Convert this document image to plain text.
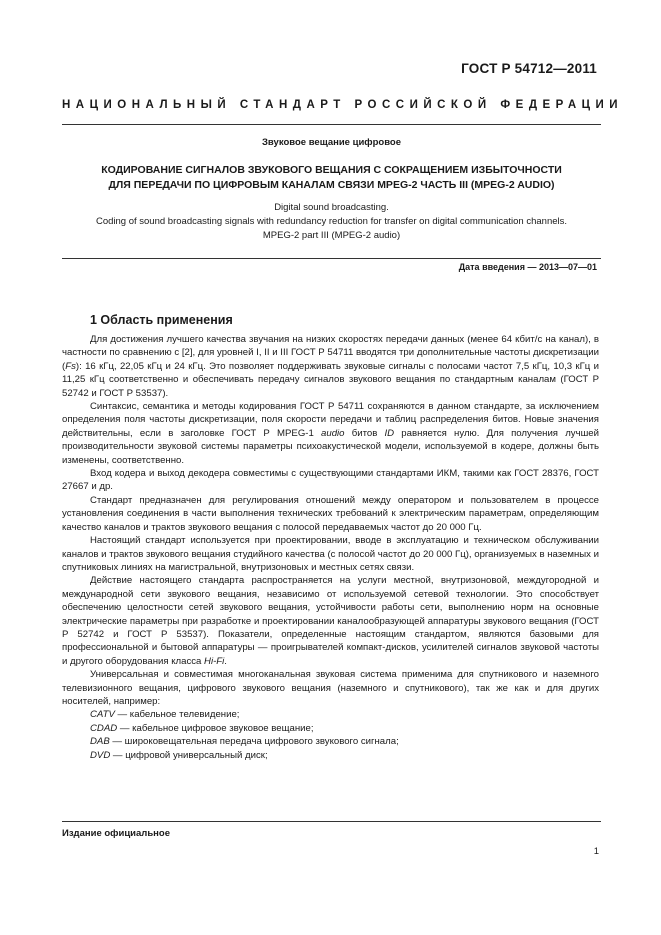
ГОСТ Р 54712—2011
НАЦИОНАЛЬНЫЙ СТАНДАРТ РОССИЙСКОЙ ФЕДЕРАЦИИ
Звуковое вещание цифровое
КОДИРОВАНИЕ СИГНАЛОВ ЗВУКОВОГО ВЕЩАНИЯ С СОКРАЩЕНИЕМ ИЗБЫТОЧНОСТИ
ДЛЯ ПЕРЕДАЧИ ПО ЦИФРОВЫМ КАНАЛАМ СВЯЗИ MPEG-2 ЧАСТЬ III (MPEG-2 AUDIO)
Digital sound broadcasting.
Coding of sound broadcasting signals with redundancy reduction for transfer on digital communication channels.
MPEG-2 part III (MPEG-2 audio)
Дата введения — 2013—07—01
1 Область применения

Для достижения лучшего качества звучания на низких скоростях передачи данных (менее 64 кбит/с на канал), в частности по сравнению с [2], для уровней I, II и III ГОСТ Р 54711 вводятся три дополнительные частоты дискретизации (Fs): 16 кГц, 22,05 кГц и 24 кГц. Это позволяет поддерживать звуковые сигналы с полосами частот 7,5 кГц, 10,3 кГц и 11,25 кГц соответственно и обеспечивать передачу сигналов звукового вещания по стандартным каналам (ГОСТ Р 52742 и ГОСТ Р 53537).

Синтаксис, семантика и методы кодирования ГОСТ Р 54711 сохраняются в данном стандарте, за исключением определения поля частоты дискретизации, поля скорости передачи и таблиц распределения битов. Новые значения действительны, если в заголовке ГОСТ Р MPEG-1 audio битов ID равняется нулю. Для получения лучшей производительности звуковой системы параметры психоакустической модели, используемой в кодере, должны быть изменены, соответственно.

Вход кодера и выход декодера совместимы с существующими стандартами ИКМ, такими как ГОСТ 28376, ГОСТ 27667 и др.

Стандарт предназначен для регулирования отношений между оператором и пользователем в процессе установления соединения в части выполнения технических требований к электрическим параметрам, определяющим качество каналов и трактов звукового вещания с полосой передаваемых частот до 20 000 Гц.

Настоящий стандарт используется при проектировании, вводе в эксплуатацию и техническом обслуживании каналов и трактов звукового вещания студийного качества (с полосой частот до 20 000 Гц), организуемых в наземных и спутниковых линиях на магистральной, внутризоновых и местных сетях связи.

Действие настоящего стандарта распространяется на услуги местной, внутризоновой, междугородной и международной сети звукового вещания, независимо от используемой сетевой технологии. Это способствует обеспечению целостности сетей звукового вещания, устойчивости работы сети, выполнению норм на основные электрические параметры при разработке и проектировании каналообразующей аппаратуры звукового вещания (ГОСТ Р 52742 и ГОСТ Р 53537). Показатели, определенные настоящим стандартом, являются базовыми для профессиональной и бытовой аппаратуры — проигрывателей компакт-дисков, усилителей сигналов звуковой частоты и другого оборудования класса Hi-Fi.

Универсальная и совместимая многоканальная звуковая система применима для спутникового и наземного телевизионного вещания, цифрового звукового вещания (наземного и спутникового), так же как и для других носителей, например:

CATV — кабельное телевидение;
CDAD — кабельное цифровое звуковое вещание;
DAB — широковещательная передача цифрового звукового сигнала;
DVD — цифровой универсальный диск;
Издание официальное
1
